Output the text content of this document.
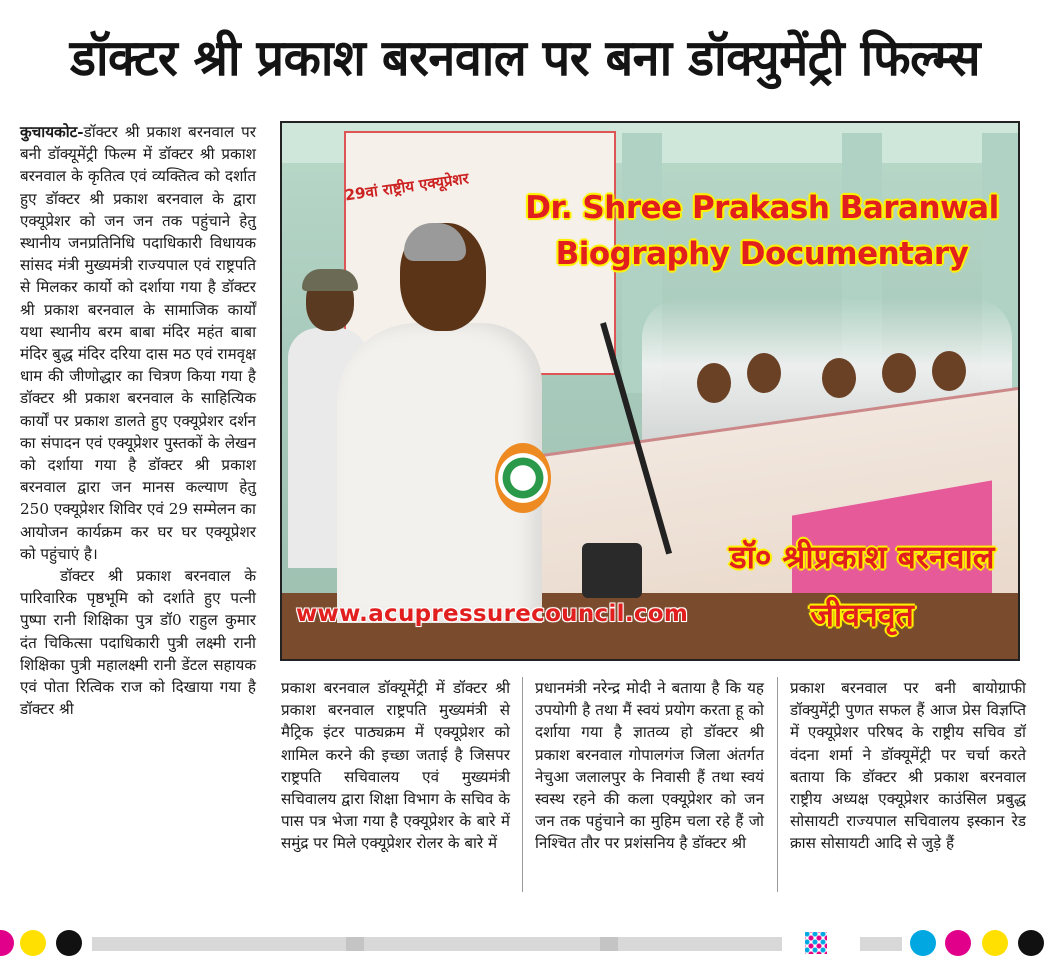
डॉक्टर श्री प्रकाश बरनवाल पर बना डॉक्युमेंट्री फिल्म्स

कुचायकोट-डॉक्टर श्री प्रकाश बरनवाल पर बनी डॉक्यूमेंट्री फिल्म में डॉक्टर श्री प्रकाश बरनवाल के कृतित्व एवं व्यक्तित्व को दर्शात हुए डॉक्टर श्री प्रकाश बरनवाल के द्वारा एक्यूप्रेशर को जन जन तक पहुंचाने हेतु स्थानीय जनप्रतिनिधि पदाधिकारी विधायक सांसद मंत्री मुख्यमंत्री राज्यपाल एवं राष्ट्रपति से मिलकर कार्यो को दर्शाया गया है डॉक्टर श्री प्रकाश बरनवाल के सामाजिक कार्यों यथा स्थानीय बरम बाबा मंदिर महंत बाबा मंदिर बुद्ध मंदिर दरिया दास मठ एवं रामवृक्ष धाम की जीणोद्धार का चित्रण किया गया है डॉक्टर श्री प्रकाश बरनवाल के साहित्यिक कार्यों पर प्रकाश डालते हुए एक्यूप्रेशर दर्शन का संपादन एवं एक्यूप्रेशर पुस्तकों के लेखन को दर्शाया गया है डॉक्टर श्री प्रकाश बरनवाल द्वारा जन मानस कल्याण हेतु 250 एक्यूप्रेशर शिविर एवं 29 सम्मेलन का आयोजन कार्यक्रम कर घर घर एक्यूप्रेशर को पहुंचाएं है।

डॉक्टर श्री प्रकाश बरनवाल के पारिवारिक पृष्ठभूमि को दर्शाते हुए पत्नी पुष्पा रानी शिक्षिका पुत्र डॉ0 राहुल कुमार दंत चिकित्सा पदाधिकारी पुत्री लक्ष्मी रानी शिक्षिका पुत्री महालक्ष्मी रानी डेंटल सहायक एवं पोता रित्विक राज को दिखाया गया है डॉक्टर श्री

29वां राष्ट्रीय एक्यूप्रेशर
Dr. Shree Prakash Baranwal
Biography Documentary
डॉ० श्रीप्रकाश बरनवाल
जीवनवृत
www.acupressurecouncil.com
प्रकाश बरनवाल डॉक्यूमेंट्री में डॉक्टर श्री प्रकाश बरनवाल राष्ट्रपति मुख्यमंत्री से मैट्रिक इंटर पाठ्यक्रम में एक्यूप्रेशर को शामिल करने की इच्छा जताई है जिसपर राष्ट्रपति सचिवालय एवं मुख्यमंत्री सचिवालय द्वारा शिक्षा विभाग के सचिव के पास पत्र भेजा गया है एक्यूप्रेशर के बारे में समुंद्र पर मिले एक्यूप्रेशर रोलर के बारे में
प्रधानमंत्री नरेन्द्र मोदी ने बताया है कि यह उपयोगी है तथा मैं स्वयं प्रयोग करता हू को दर्शाया गया है ज्ञातव्य हो डॉक्टर श्री प्रकाश बरनवाल गोपालगंज जिला अंतर्गत नेचुआ जलालपुर के निवासी हैं तथा स्वयं स्वस्थ रहने की कला एक्यूप्रेशर को जन जन तक पहुंचाने का मुहिम चला रहे हैं जो निश्चित तौर पर प्रशंसनिय है डॉक्टर श्री
प्रकाश बरनवाल पर बनी बायोग्राफी डॉक्युमेंट्री पुणत सफल हैं आज प्रेस विज्ञप्ति में एक्यूप्रेशर परिषद के राष्ट्रीय सचिव डॉ वंदना शर्मा ने डॉक्यूमेंट्री पर चर्चा करते बताया कि डॉक्टर श्री प्रकाश बरनवाल राष्ट्रीय अध्यक्ष एक्यूप्रेशर काउंसिल प्रबुद्ध सोसायटी राज्यपाल सचिवालय इस्कान रेड क्रास सोसायटी आदि से जुड़े हैं
